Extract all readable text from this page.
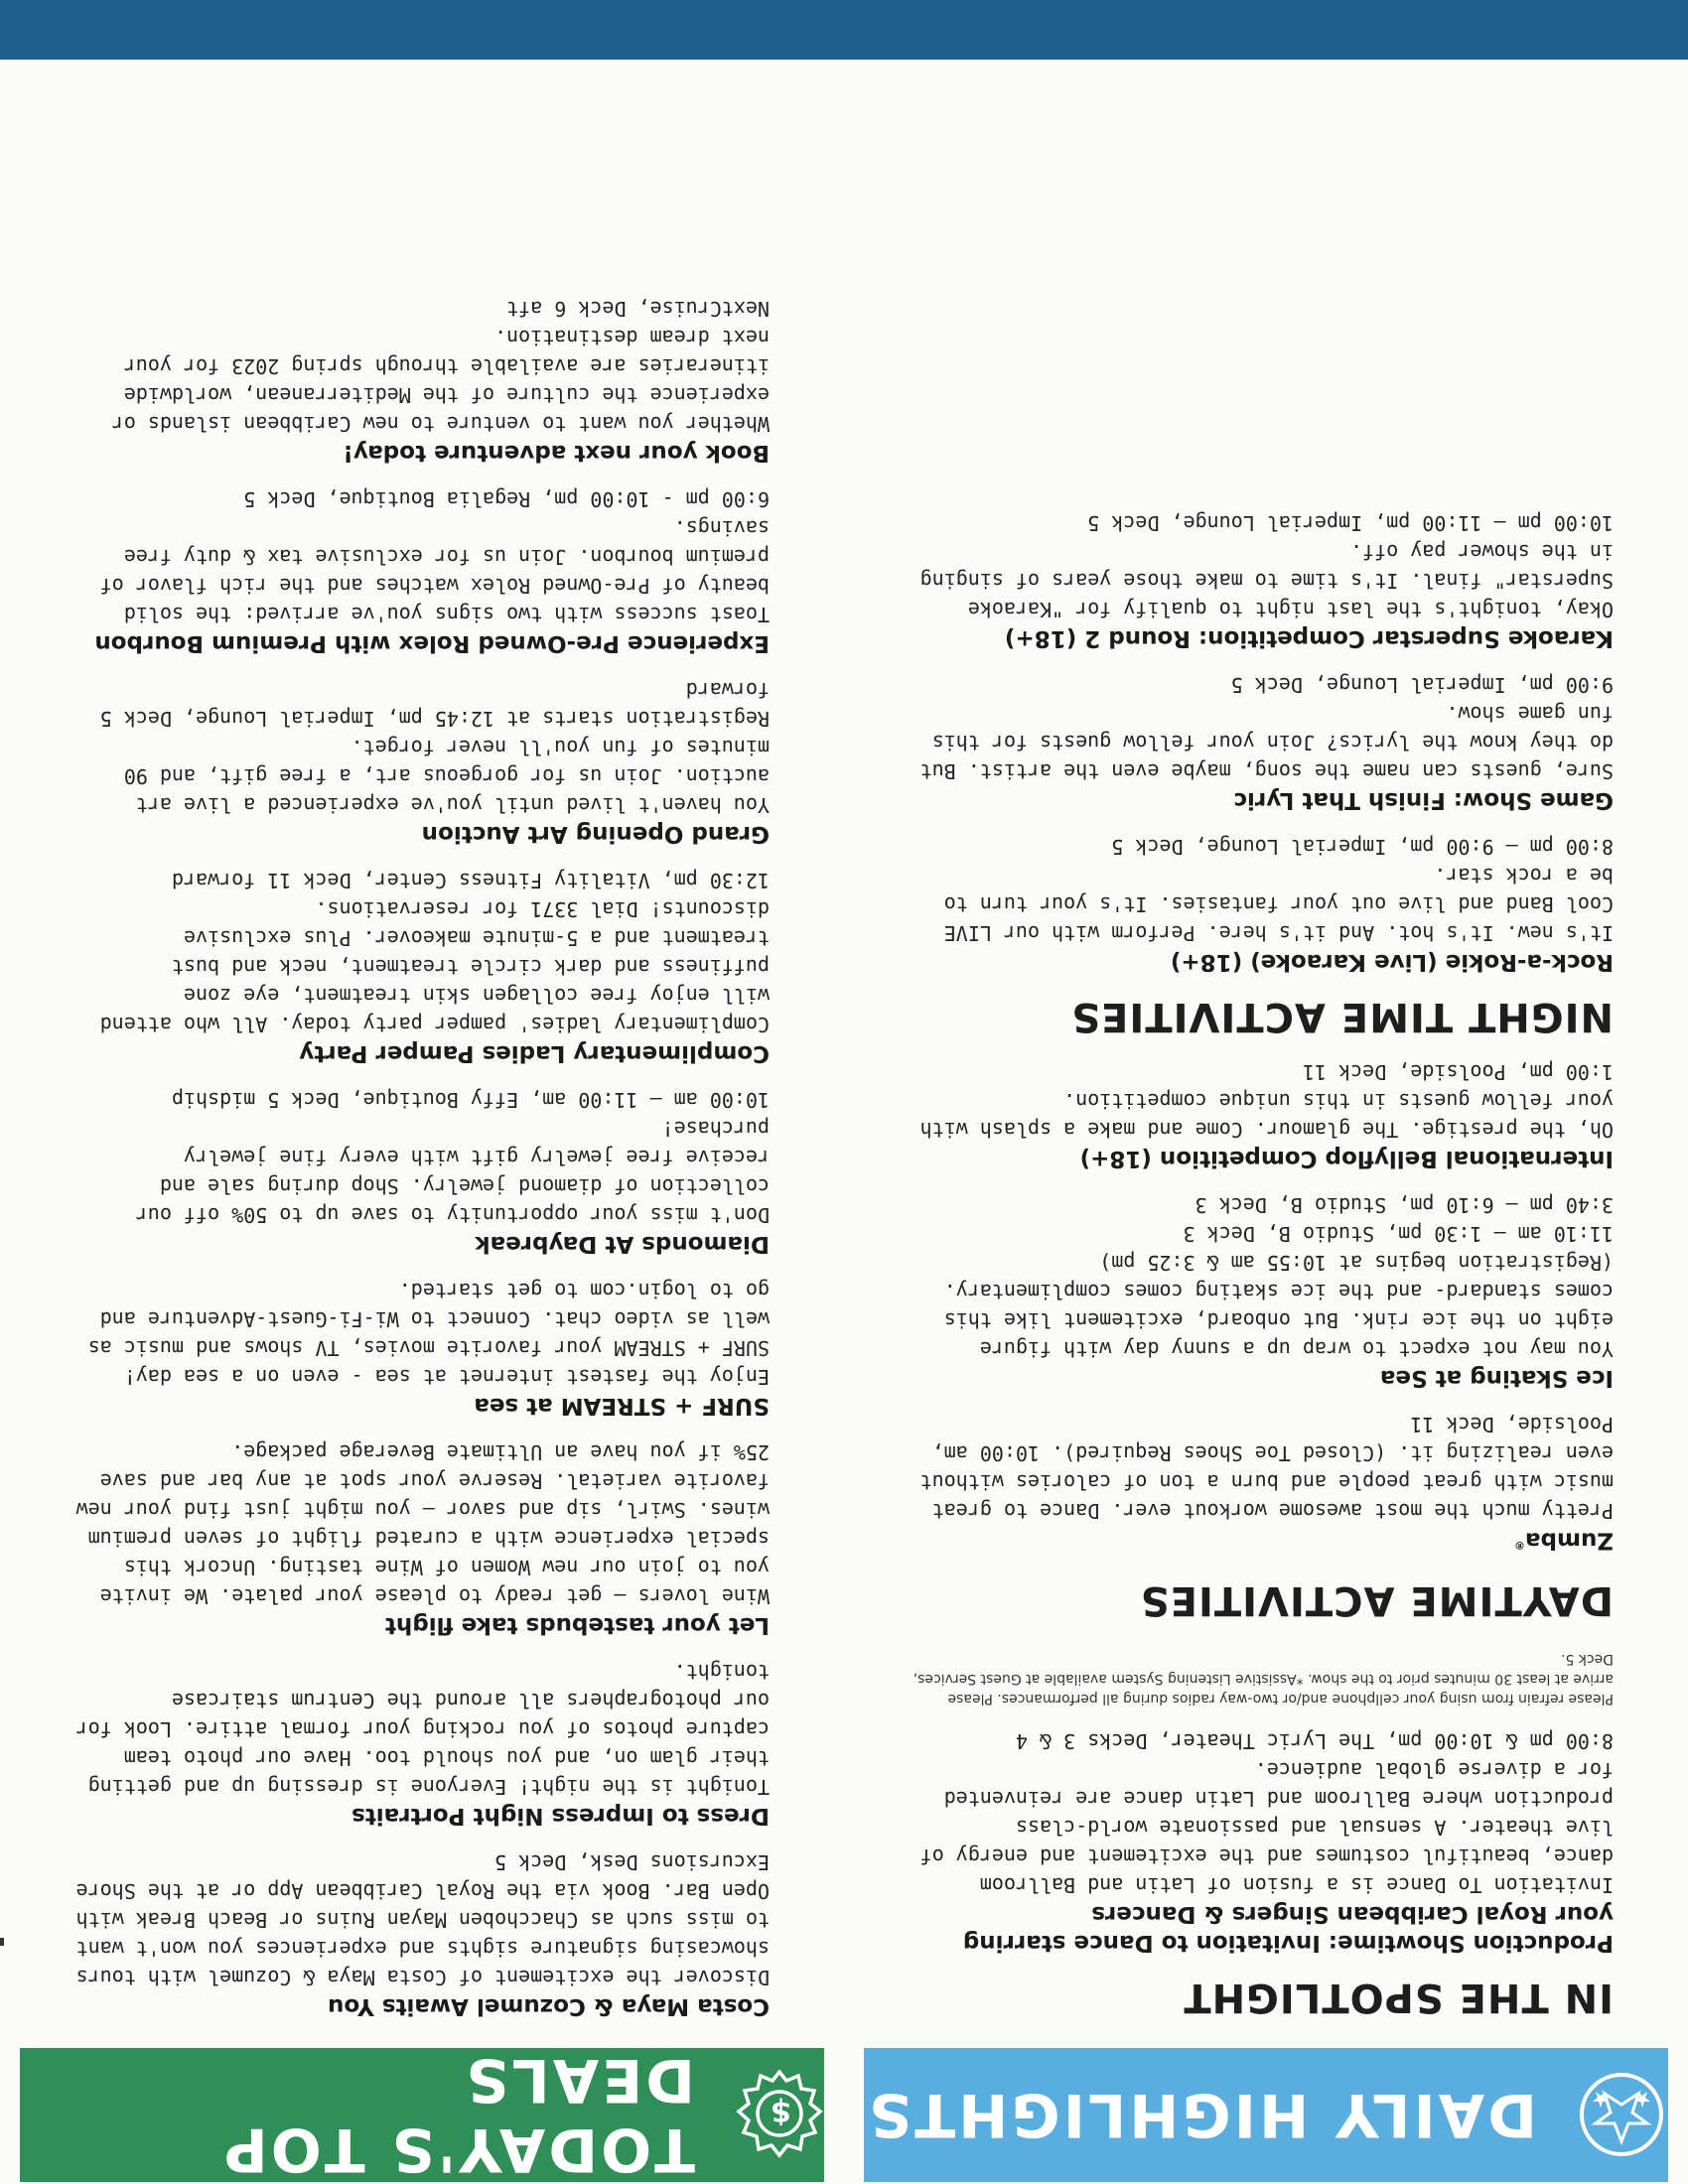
DAILY HIGHLIGHTS
IN THE SPOTLIGHT
Production Showtime: Invitation to Dance starring your Royal Caribbean Singers & Dancers
Invitation To Dance is a fusion of Latin and Ballroom dance, beautiful costumes and the excitement and energy of live theater. A sensual and passionate world-class production where Ballroom and Latin dance are reinvented for a diverse global audience.
8:00 pm & 10:00 pm, The Lyric Theater, Decks 3 & 4
Please refrain from using your cellphone and/or two-way radios during all performances. Please arrive at least 30 minutes prior to the show. *Assistive Listening System available at Guest Services, Deck 5.
DAYTIME ACTIVITIES
Zumba®
Pretty much the most awesome workout ever. Dance to great music with great people and burn a ton of calories without even realizing it. (Closed Toe Shoes Required). 10:00 am, Poolside, Deck 11
Ice Skating at Sea
You may not expect to wrap up a sunny day with figure eight on the ice rink. But onboard, excitement like this comes standard- and the ice skating comes complimentary.
(Registration begins at 10:55 am & 3:25 pm)
11:10 am – 1:30 pm, Studio B, Deck 3
3:40 pm – 6:10 pm, Studio B, Deck 3
International Bellyflop Competition (18+)
Oh, the prestige. The glamour. Come and make a splash with your fellow guests in this unique competition.
1:00 pm, Poolside, Deck 11
NIGHT TIME ACTIVITIES
Rock-a-Rokie (Live Karaoke) (18+)
It's new. It's hot. And it's here. Perform with our LIVE Cool Band and live out your fantasies. It's your turn to be a rock star.
8:00 pm – 9:00 pm, Imperial Lounge, Deck 5
Game Show: Finish That Lyric
Sure, guests can name the song, maybe even the artist. But do they know the lyrics? Join your fellow guests for this fun game show.
9:00 pm, Imperial Lounge, Deck 5
Karaoke Superstar Competition: Round 2 (18+)
Okay, tonight's the last night to qualify for "Karaoke Superstar" final. It's time to make those years of singing in the shower pay off.
10:00 pm – 11:00 pm, Imperial Lounge, Deck 5
$
TODAY'S TOP DEALS
Costa Maya & Cozumel Awaits You
Discover the excitement of Costa Maya & Cozumel with tours showcasing signature sights and experiences you won't want to miss such as Chacchoben Mayan Ruins or Beach Break with Open Bar. Book via the Royal Caribbean App or at the Shore Excursions Desk, Deck 5
Dress to Impress Night Portraits
Tonight is the night! Everyone is dressing up and getting their glam on, and you should too. Have our photo team capture photos of you rocking your formal attire. Look for our photographers all around the Centrum staircase tonight.
Let your tastebuds take flight
Wine lovers — get ready to please your palate. We invite you to join our new Women of Wine tasting. Uncork this special experience with a curated flight of seven premium wines. Swirl, sip and savor — you might just find your new favorite varietal. Reserve your spot at any bar and save 25% if you have an Ultimate Beverage package.
SURF + STREAM at sea
Enjoy the fastest internet at sea - even on a sea day! SURF + STREAM your favorite movies, TV shows and music as well as video chat. Connect to Wi-Fi-Guest-Adventure and go to login.com to get started.
Diamonds At Daybreak
Don't miss your opportunity to save up to 50% off our collection of diamond jewelry. Shop during sale and receive free jewelry gift with every fine jewelry purchase!
10:00 am – 11:00 am, Effy Boutique, Deck 5 midship
Complimentary Ladies Pamper Party
Complimentary ladies' pamper party today. All who attend will enjoy free collagen skin treatment, eye zone puffiness and dark circle treatment, neck and bust treatment and a 5-minute makeover. Plus exclusive discounts! Dial 3371 for reservations.
12:30 pm, Vitality Fitness Center, Deck 11 forward
Grand Opening Art Auction
You haven't lived until you've experienced a live art auction. Join us for gorgeous art, a free gift, and 90 minutes of fun you'll never forget.
Registration starts at 12:45 pm, Imperial Lounge, Deck 5 forward
Experience Pre-Owned Rolex with Premium Bourbon
Toast success with two signs you've arrived: the solid beauty of Pre-Owned Rolex watches and the rich flavor of premium bourbon. Join us for exclusive tax & duty free savings.
6:00 pm - 10:00 pm, Regalia Boutique, Deck 5
Book your next adventure today!
Whether you want to venture to new Caribbean islands or experience the culture of the Mediterranean, worldwide itineraries are available through spring 2023 for your next dream destination.
NextCruise, Deck 6 aft
